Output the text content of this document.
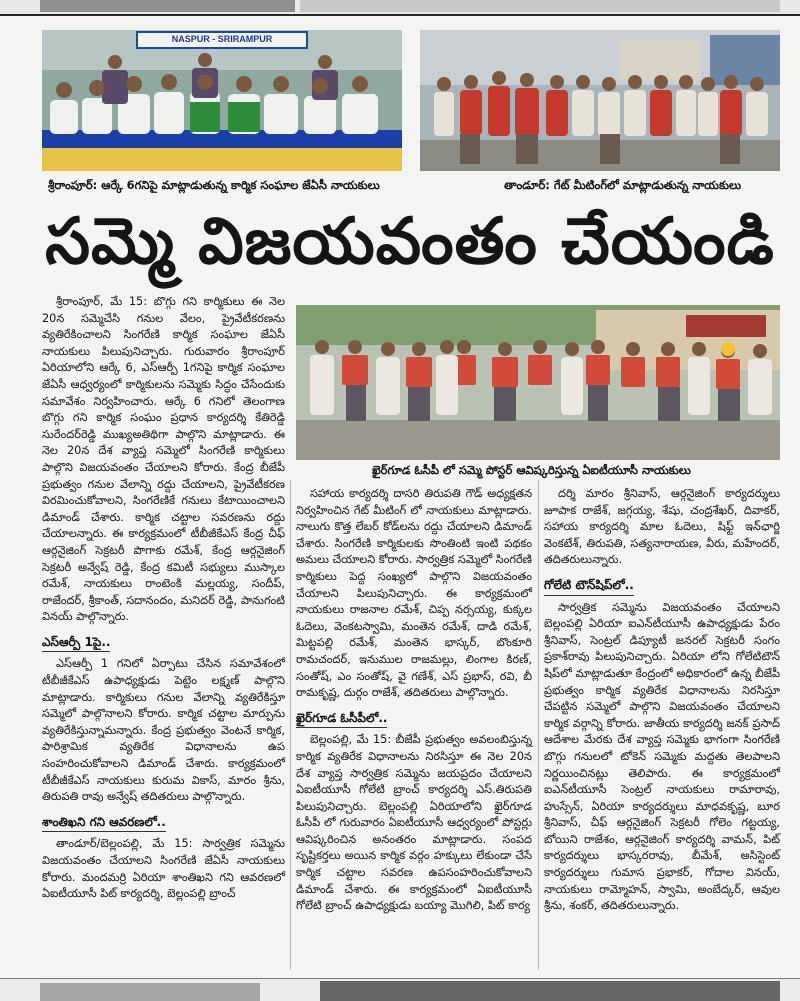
NASPUR - SRIRAMPUR
శ్రీరాంపూర్: ఆర్కే 6గనిపై మాట్లాడుతున్న కార్మిక సంఘాల జేఏసీ నాయకులు	తాండూర్: గేట్ మీటింగ్‌లో మాట్లాడుతున్న నాయకులు
సమ్మె విజయవంతం చేయండి
ఖైర్‌గూడ ఓసీపీ లో సమ్మె పోస్టర్ ఆవిష్కరిస్తున్న ఏఐటీయూసీ నాయకులు

శ్రీరాంపూర్, మే 15: బొగ్గు గని కార్మికులు ఈ నెల 20న సమ్మెచేసి గనుల వేలం, ప్రైవేటీకరణను వ్యతిరేకించాలని సింగరేణి కార్మిక సంఘాల జేఏసీ నాయకులు పిలుపునిచ్చారు. గురువారం శ్రీరాంపూర్ ఏరియాలోని ఆర్కే 6, ఎస్ఆర్పీ 1గనిపై కార్మిక సంఘాల జేఏసీ ఆధ్వర్యంలో కార్మికులను సమ్మెకు సిద్ధం చేసేందుకు సమావేశం నిర్వహించారు. ఆర్కే 6 గనిలో తెలంగాణ బొగ్గు గని కార్మిక సంఘం ప్రధాన కార్యదర్శి కేతిరెడ్డి సురేందర్‌రెడ్డి ముఖ్యఅతిథిగా పాల్గొని మాట్లాడారు. ఈ నెల 20న దేశ వ్యాప్త సమ్మెలో సింగరేణి కార్మికులు పాల్గొని విజయవంతం చేయాలని కోరారు. కేంద్ర బీజేపీ ప్రభుత్వం గనుల వేలాన్ని రద్దు చేయాలని, ప్రైవేటీకరణ విరమించుకోవాలని, సింగరేణికే గనులు కేటాయించాలని డిమాండ్ చేశారు. కార్మిక చట్టాల సవరణను రద్దు చేయాలన్నారు. ఈ కార్యక్రమంలో టీబీజీకేఎస్ కేంద్ర చీఫ్ ఆర్గనైజింగ్ సెక్రటరీ పొగాకు రమేశ్, కేంద్ర ఆర్గనైజింగ్ సెక్రటరీ అన్వేష్ రెడ్డి, కేంద్ర కమిటీ సభ్యులు ముస్కాల రమేశ్, నాయకులు రాంటెంకి మల్లయ్య, సందీప్, రాజేందర్, శ్రీకాంత్, సదానందం, మనిదర్ రెడ్డి, పానుగంటి వినయ్ పాల్గొన్నారు.

ఎస్ఆర్పీ 1పై..

ఎస్ఆర్పీ 1 గనిలో ఏర్పాటు చేసిన సమావేశంలో టీబీజీకేఎస్ ఉపాధ్యక్షుడు పెట్టెం లక్ష్మణ్ పాల్గొని మాట్లాడారు. కార్మికులు గనుల వేలాన్ని వ్యతిరేకిస్తూ సమ్మెలో పాల్గొనాలని కోరారు. కార్మిక చట్టాల మార్పును వ్యతిరేకిస్తున్నామన్నారు. కేంద్ర ప్రభుత్వం వెంటనే కార్మిక, పారిశ్రామిక వ్యతిరేక విధానాలను ఉప సంహరించుకోవాలని డిమాండ్ చేశారు. కార్యక్రమంలో టీబీజీకేఎస్ నాయకులు కురుమ వికాస్, మారం శ్రీను, తిరుపతి రావు అన్వేష్ తదితరులు పాల్గొన్నారు.

శాంతిఖని గని ఆవరణలో..

తాండూర్/బెల్లంపల్లి, మే 15: సార్వత్రిక సమ్మెను విజయవంతం చేయాలని సింగరేణి జేఏసీ నాయకులు కోరారు. మందమర్రి ఏరియా శాంతిఖని గని ఆవరణలో ఏఐటీయూసీ పిట్ కార్యదర్శి, బెల్లంపల్లి బ్రాంచ్

సహాయ కార్యదర్శి దాసరి తిరుపతి గౌడ్ అధ్యక్షతన నిర్వహించిన గేట్ మీటింగ్ లో నాయకులు మాట్లాడారు. నాలుగు కొత్త లేబర్ కోడ్‌లను రద్దు చేయాలని డిమాండ్ చేశారు. సింగరేణి కార్మికులకు సొంతింటి ఇంటి పథకం అమలు చేయాలని కోరారు. సార్వత్రిక సమ్మెలో సింగరేణి కార్మికులు పెద్ద సంఖ్యలో పాల్గొని విజయవంతం చేయాలని పిలుపునిచ్చారు. ఈ కార్యక్రమంలో నాయకులు రాజనాల రమేశ్, చిప్ప నర్సయ్య, కుక్కల ఓదెలు, వెంకటస్వామి, మంతెన రమేశ్, దాడి రమేశ్, మిట్టపల్లి రమేశ్, మంతెన భాస్కర్, బొంకూరి రామచందర్, ఇనుముల రాజమల్లు, లింగాల కిరణ్, సంతోష్, ఎం సంతోష్, వై గణేశ్, ఎస్ ప్రభాస్, రవి, బీ రామకృష్ణ, దుర్గం రాజేశ్, తదితరులు పాల్గొన్నారు.

ఖైర్‌గూడ ఓసీపీలో..

బెల్లంపల్లి, మే 15: బీజేపీ ప్రభుత్వం అవలంబిస్తున్న కార్మిక వ్యతిరేక విధానాలను నిరసిస్తూ ఈ నెల 20న దేశ వ్యాప్త సార్వత్రిక సమ్మెను జయప్రదం చేయాలని ఏఐటీయూసీ గోలేటి బ్రాంచ్ కార్యదర్శి ఎస్.తిరుపతి పిలుపునిచ్చారు. బెల్లంపల్లి ఏరియాలోని ఖైర్‌గూడ ఓసీపీ లో గురువారం ఏఐటీయూసీ ఆధ్వర్యంలో పోస్టర్లు ఆవిష్కరించిన అనంతరం మాట్లాడారు. సంపద సృష్టికర్తలు అయిన కార్మిక వర్గం హక్కులు లేకుండా చేసే కార్మిక చట్టాల సవరణ ఉపసంహరించుకోవాలని డిమాండ్ చేశారు. ఈ కార్యక్రమంలో ఏఐటీయూసీ గోలేటి బ్రాంచ్ ఉపాధ్యక్షుడు బయ్యా మొగిలి, పిట్ కార్య

దర్శి మారం శ్రీనివాస్, ఆర్గనైజింగ్ కార్యదర్శులు జూపాక రాజేశ్, జగ్గయ్య, శేషు, చంద్రశేఖర్, దివాకర్, సహాయ కార్యదర్శి మాల ఓదెలు, షిఫ్ట్ ఇన్‌ఛార్జి వెంకటేశ్, తిరుపతి, సత్యనారాయణ, వీరు, మహేందర్, తదితరులున్నారు.

గోలేటి టౌన్‌షిప్‌లో..

సార్వత్రిక సమ్మెను విజయవంతం చేయాలని బెల్లంపల్లి ఏరియా ఐఎన్‌టీయూసీ ఉపాధ్యక్షుడు పేరం శ్రీనివాస్, సెంట్రల్ డిప్యూటీ జనరల్ సెక్రటరీ సంగం ప్రకాశ్‌రావు పిలుపునిచ్చారు. ఏరియా లోని గోలేటిటౌన్ షిప్‌లో మాట్లాడుతూ కేంద్రంలో అధికారంలో ఉన్న బీజేపీ ప్రభుత్వం కార్మిక వ్యతిరేక విధానాలను నిరసిస్తూ చేపట్టిన సమ్మెలో పాల్గొని విజయవంతం చేయాలని కార్మిక వర్గాన్ని కోరారు. జాతీయ కార్యదర్శి జనక్ ప్రసాద్ ఆదేశాల మేరకు దేశ వ్యాప్త సమ్మెకు భాగంగా సింగరేణి బొగ్గు గనులలో టోకెన్ సమ్మెకు మద్దతు తెలపాలని నిర్ణయించినట్లు తెలిపారు. ఈ కార్యక్రమంలో ఐఎన్‌టీయూసీ సెంట్రల్ నాయకులు రామారావు, హుస్సేన్, ఏరియా కార్యదర్శులు మాధవకృష్ణ, బూర శ్రీనివాస్, చీఫ్ ఆర్గనైజింగ్ సెక్రటరీ గోలెం గట్టయ్య, బోయిని రాజేశం, ఆర్గనైజింగ్ కార్యదర్శి వామన్, పిట్ కార్యదర్శులు భాస్కరరావు, బీమేశ్, అసిస్టెంట్ కార్యదర్శులు గుమాస ప్రభాకర్, గోదాల వినయ్, నాయకులు రామ్మోహన్, స్వామి, అంబేద్కర్, ఆవుల శ్రీను, శంకర్, తదితరులున్నారు.
